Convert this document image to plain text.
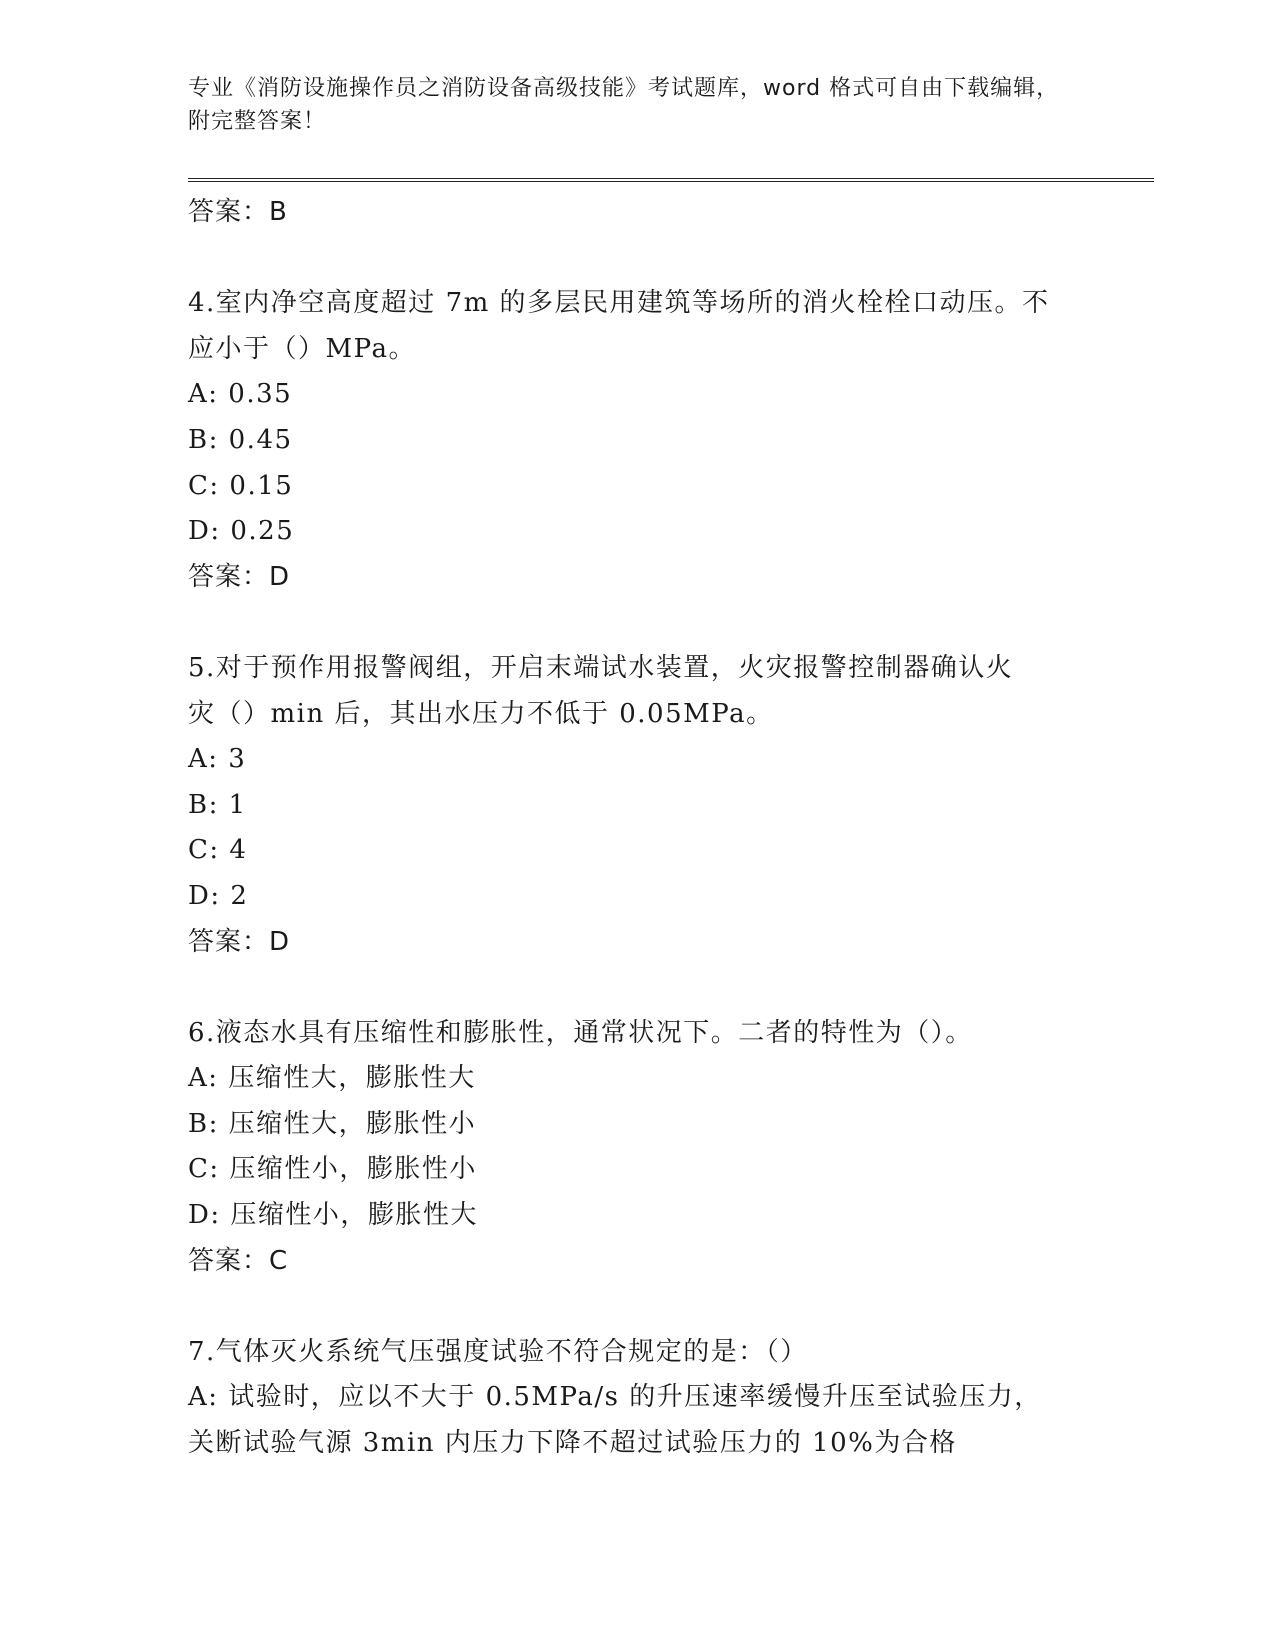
专业《消防设施操作员之消防设备高级技能》考试题库，word 格式可自由下载编辑，附完整答案！
答案：B
4.室内净空高度超过 7m 的多层民用建筑等场所的消火栓栓口动压。不
应小于（）MPa。
A: 0.35
B: 0.45
C: 0.15
D: 0.25
答案：D
5.对于预作用报警阀组，开启末端试水装置，火灾报警控制器确认火
灾（）min 后，其出水压力不低于 0.05MPa。
A: 3
B: 1
C: 4
D: 2
答案：D
6.液态水具有压缩性和膨胀性，通常状况下。二者的特性为（）。
A: 压缩性大，膨胀性大
B: 压缩性大，膨胀性小
C: 压缩性小，膨胀性小
D: 压缩性小，膨胀性大
答案：C
7.气体灭火系统气压强度试验不符合规定的是：（）
A: 试验时，应以不大于 0.5MPa/s 的升压速率缓慢升压至试验压力，
关断试验气源 3min 内压力下降不超过试验压力的 10%为合格
